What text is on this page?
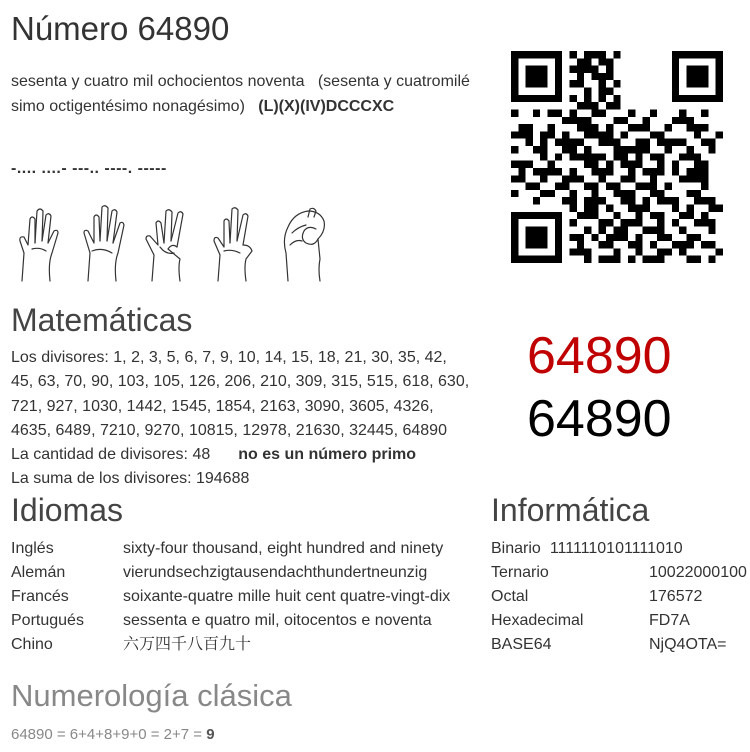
Número 64890
sesenta y cuatro mil ochocientos noventa (sesenta y cuatromilé
simo octigentésimo nonagésimo) (L)(X)(IV)DCCCXC
-.... ....- ---.. ----. -----
Matemáticas
Los divisores: 1, 2, 3, 5, 6, 7, 9, 10, 14, 15, 18, 21, 30, 35, 42,
45, 63, 70, 90, 103, 105, 126, 206, 210, 309, 315, 515, 618, 630,
721, 927, 1030, 1442, 1545, 1854, 2163, 3090, 3605, 4326,
4635, 6489, 7210, 9270, 10815, 12978, 21630, 32445, 64890
La cantidad de divisores: 48 no es un número primo
La suma de los divisores: 194688
64890
64890
Idiomas
Inglés	sixty-four thousand, eight hundred and ninety
Alemán	vierundsechzigtausendachthundertneunzig
Francés	soixante-quatre mille huit cent quatre-vingt-dix
Portugués	sessenta e quatro mil, oitocentos e noventa
Chino	六万四千八百九十
Informática
Binario 1111110101111010
Ternario	10022000100
Octal	176572
Hexadecimal	FD7A
BASE64	NjQ4OTA=
Numerología clásica
64890 = 6+4+8+9+0 = 2+7 = 9
